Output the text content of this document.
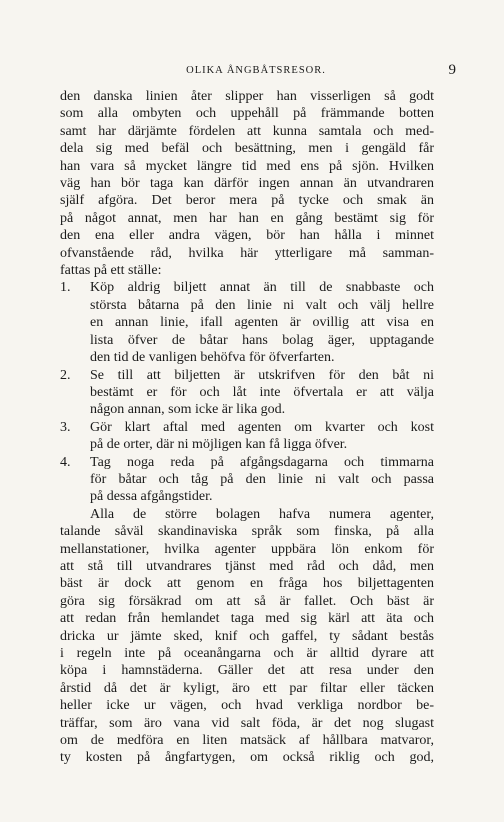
OLIKA ÅNGBÅTSRESOR.	9
den danska linien åter slipper han visserligen så godt
som alla ombyten och uppehåll på främmande botten
samt har därjämte fördelen att kunna samtala och med-
dela sig med befäl och besättning, men i gengäld får
han vara så mycket längre tid med ens på sjön. Hvilken
väg han bör taga kan därför ingen annan än utvandraren
själf afgöra. Det beror mera på tycke och smak än
på något annat, men har han en gång bestämt sig för
den ena eller andra vägen, bör han hålla i minnet
ofvanstående råd, hvilka här ytterligare må samman-
fattas på ett ställe:
1. Köp aldrig biljett annat än till de snabbaste och
största båtarna på den linie ni valt och välj hellre
en annan linie, ifall agenten är ovillig att visa en
lista öfver de båtar hans bolag äger, upptagande
den tid de vanligen behöfva för öfverfarten.
2. Se till att biljetten är utskrifven för den båt ni
bestämt er för och låt inte öfvertala er att välja
någon annan, som icke är lika god.
3. Gör klart aftal med agenten om kvarter och kost
på de orter, där ni möjligen kan få ligga öfver.
4. Tag noga reda på afgångsdagarna och timmarna
för båtar och tåg på den linie ni valt och passa
på dessa afgångstider.
Alla de större bolagen hafva numera agenter,
talande såväl skandinaviska språk som finska, på alla
mellanstationer, hvilka agenter uppbära lön enkom för
att stå till utvandrares tjänst med råd och dåd, men
bäst är dock att genom en fråga hos biljettagenten
göra sig försäkrad om att så är fallet. Och bäst är
att redan från hemlandet taga med sig kärl att äta och
dricka ur jämte sked, knif och gaffel, ty sådant bestås
i regeln inte på oceanångarna och är alltid dyrare att
köpa i hamnstäderna. Gäller det att resa under den
årstid då det är kyligt, äro ett par filtar eller täcken
heller icke ur vägen, och hvad verkliga nordbor be-
träffar, som äro vana vid salt föda, är det nog slugast
om de medföra en liten matsäck af hållbara matvaror,
ty kosten på ångfartygen, om också riklig och god,
